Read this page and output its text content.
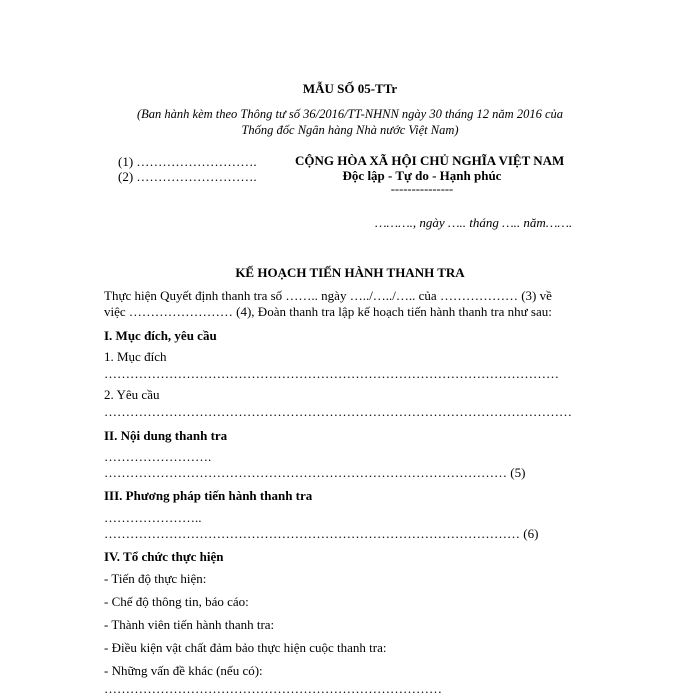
MẪU SỐ 05-TTr
(Ban hành kèm theo Thông tư số 36/2016/TT-NHNN ngày 30 tháng 12 năm 2016 của
Thống đốc Ngân hàng Nhà nước Việt Nam)
(1) ……………………….
(2) ……………………….
CỘNG HÒA XÃ HỘI CHỦ NGHĨA VIỆT NAM
Độc lập - Tự do - Hạnh phúc
---------------
………., ngày ….. tháng ….. năm…….
KẾ HOẠCH TIẾN HÀNH THANH TRA
Thực hiện Quyết định thanh tra số …….. ngày …../…../….. của ……………… (3) về
việc …………………… (4), Đoàn thanh tra lập kế hoạch tiến hành thanh tra như sau:
I. Mục đích, yêu cầu
1. Mục đích
……………………………………………………………………………………………
2. Yêu cầu
………………………………………………………………………………………………
II. Nội dung thanh tra
…………………….
………………………………………………………………………………… (5)
III. Phương pháp tiến hành thanh tra
…………………..
…………………………………………………………………………………… (6)
IV. Tổ chức thực hiện
- Tiến độ thực hiện:
- Chế độ thông tin, báo cáo:
- Thành viên tiến hành thanh tra:
- Điều kiện vật chất đảm bảo thực hiện cuộc thanh tra:
- Những vấn đề khác (nếu có):
……………………………………………………………………
